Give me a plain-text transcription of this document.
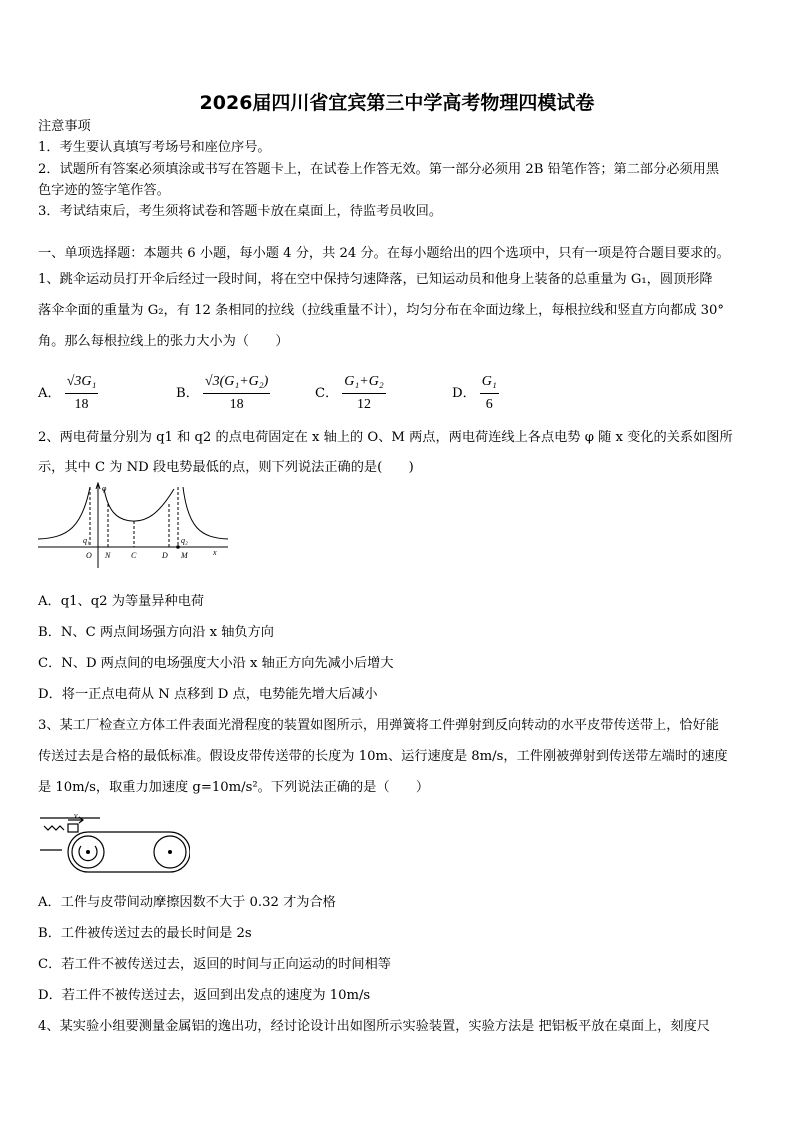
2026届四川省宜宾第三中学高考物理四模试卷
注意事项
1．考生要认真填写考场号和座位序号。
2．试题所有答案必须填涂或书写在答题卡上，在试卷上作答无效。第一部分必须用 2B 铅笔作答；第二部分必须用黑
色字迹的签字笔作答。
3．考试结束后，考生须将试卷和答题卡放在桌面上，待监考员收回。
一、单项选择题：本题共 6 小题，每小题 4 分，共 24 分。在每小题给出的四个选项中，只有一项是符合题目要求的。
1、跳伞运动员打开伞后经过一段时间，将在空中保持匀速降落，已知运动员和他身上装备的总重量为 G₁，圆顶形降
落伞伞面的重量为 G₂，有 12 条相同的拉线（拉线重量不计），均匀分布在伞面边缘上，每根拉线和竖直方向都成 30°
角。那么每根拉线上的张力大小为（　　）
A． $\frac{\text{√3G₁}}{18}$	B． $\frac{\text{√3(G₁+G₂)}}{18}$	C． $\frac{\text{G₁+G₂}}{12}$	D． $\frac{\text{G₁}}{6}$
2、两电荷量分别为 q1 和 q2 的点电荷固定在 x 轴上的 O、M 两点，两电荷连线上各点电势 φ 随 x 变化的关系如图所
示，其中 C 为 ND 段电势最低的点，则下列说法正确的是(　　)
φ
q₁	q₂
O N	C	D M	x
A．q1、q2 为等量异种电荷
B．N、C 两点间场强方向沿 x 轴负方向
C．N、D 两点间的电场强度大小沿 x 轴正方向先减小后增大
D．将一正点电荷从 N 点移到 D 点，电势能先增大后减小
3、某工厂检查立方体工件表面光滑程度的装置如图所示，用弹簧将工件弹射到反向转动的水平皮带传送带上，恰好能
传送过去是合格的最低标准。假设皮带传送带的长度为 10m、运行速度是 8m/s，工件刚被弹射到传送带左端时的速度
是 10m/s，取重力加速度 g=10m/s²。下列说法正确的是（　　）
v
A．工件与皮带间动摩擦因数不大于 0.32 才为合格
B．工件被传送过去的最长时间是 2s
C．若工件不被传送过去，返回的时间与正向运动的时间相等
D．若工件不被传送过去，返回到出发点的速度为 10m/s
4、某实验小组要测量金属铝的逸出功，经讨论设计出如图所示实验装置，实验方法是 把铝板平放在桌面上，刻度尺
